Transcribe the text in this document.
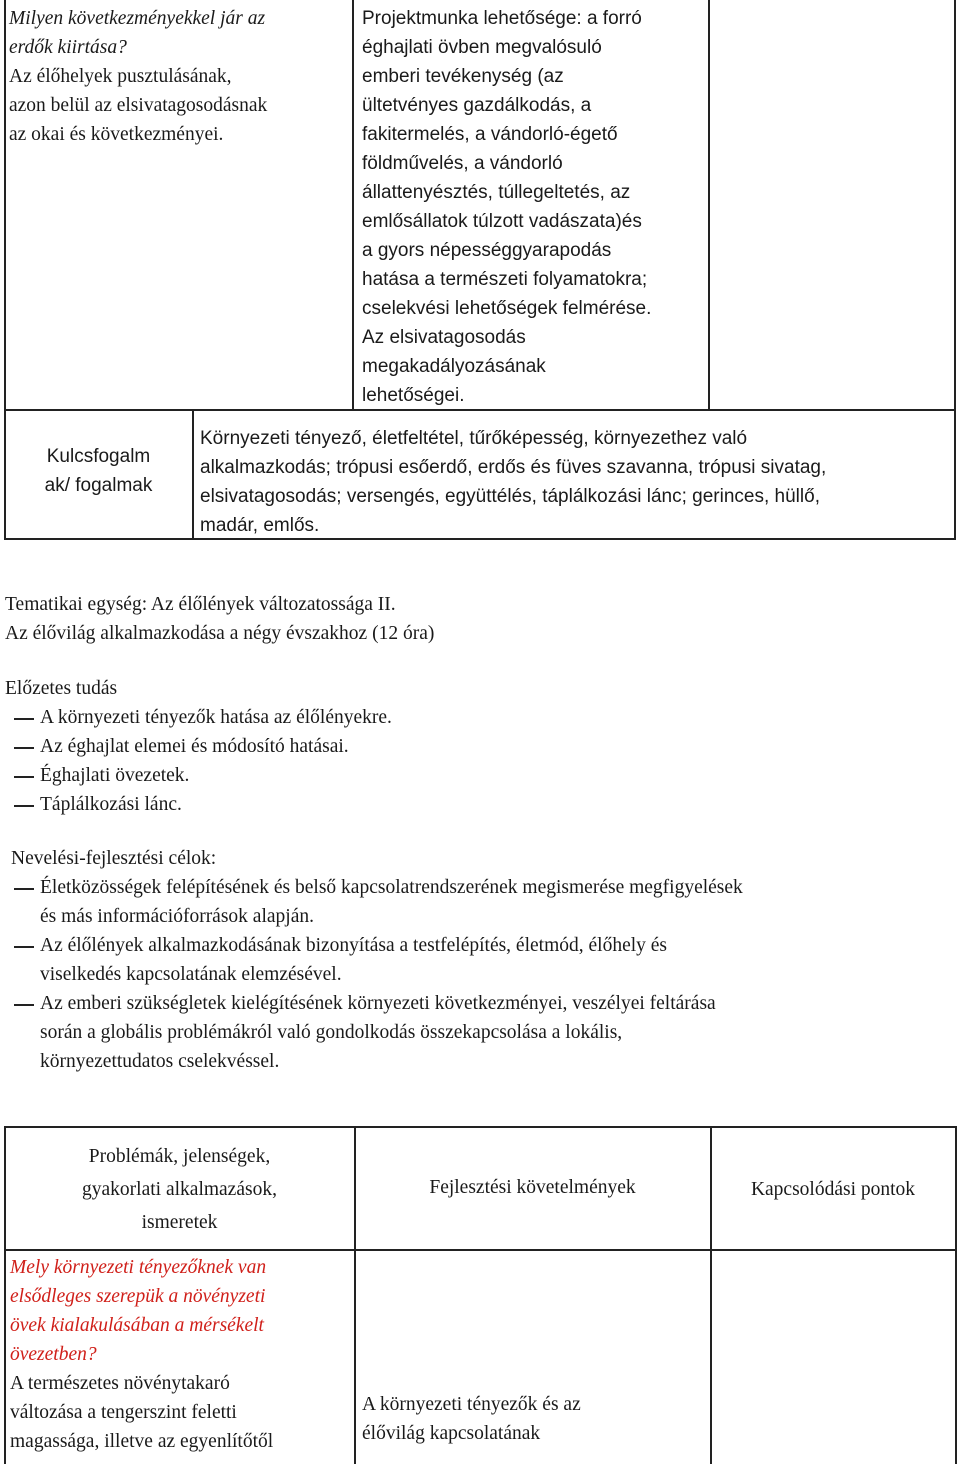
Milyen következményekkel jár az
erdők kiirtása?
Az élőhelyek pusztulásának,
azon belül az elsivatagosodásnak
az okai és következményei.
Projektmunka lehetősége: a forró
éghajlati övben megvalósuló
emberi tevékenység (az
ültetvényes gazdálkodás, a
fakitermelés, a vándorló-égető
földművelés, a vándorló
állattenyésztés, túllegeltetés, az
emlősállatok túlzott vadászata)és
a gyors népességgyarapodás
hatása a természeti folyamatokra;
cselekvési lehetőségek felmérése.
Az elsivatagosodás
megakadályozásának
lehetőségei.
Kulcsfogalm
ak/ fogalmak
Környezeti tényező, életfeltétel, tűrőképesség, környezethez való
alkalmazkodás; trópusi esőerdő, erdős és füves szavanna, trópusi sivatag,
elsivatagosodás; versengés, együttélés, táplálkozási lánc; gerinces, hüllő,
madár, emlős.
Tematikai egység: Az élőlények változatossága II.
Az élővilág alkalmazkodása a négy évszakhoz (12 óra)
Előzetes tudás
A környezeti tényezők hatása az élőlényekre.
Az éghajlat elemei és módosító hatásai.
Éghajlati övezetek.
Táplálkozási lánc.
Nevelési-fejlesztési célok:
Életközösségek felépítésének és belső kapcsolatrendszerének megismerése megfigyelések
és más információforrások alapján.
Az élőlények alkalmazkodásának bizonyítása a testfelépítés, életmód, élőhely és
viselkedés kapcsolatának elemzésével.
Az emberi szükségletek kielégítésének környezeti következményei, veszélyei feltárása
során a globális problémákról való gondolkodás összekapcsolása a lokális,
környezettudatos cselekvéssel.
Problémák, jelenségek,
gyakorlati alkalmazások,
ismeretek
Fejlesztési követelmények	Kapcsolódási pontok
Mely környezeti tényezőknek van
elsődleges szerepük a növényzeti
övek kialakulásában a mérsékelt
övezetben?
A természetes növénytakaró
változása a tengerszint feletti
magassága, illetve az egyenlítőtől
A környezeti tényezők és az
élővilág kapcsolatának
